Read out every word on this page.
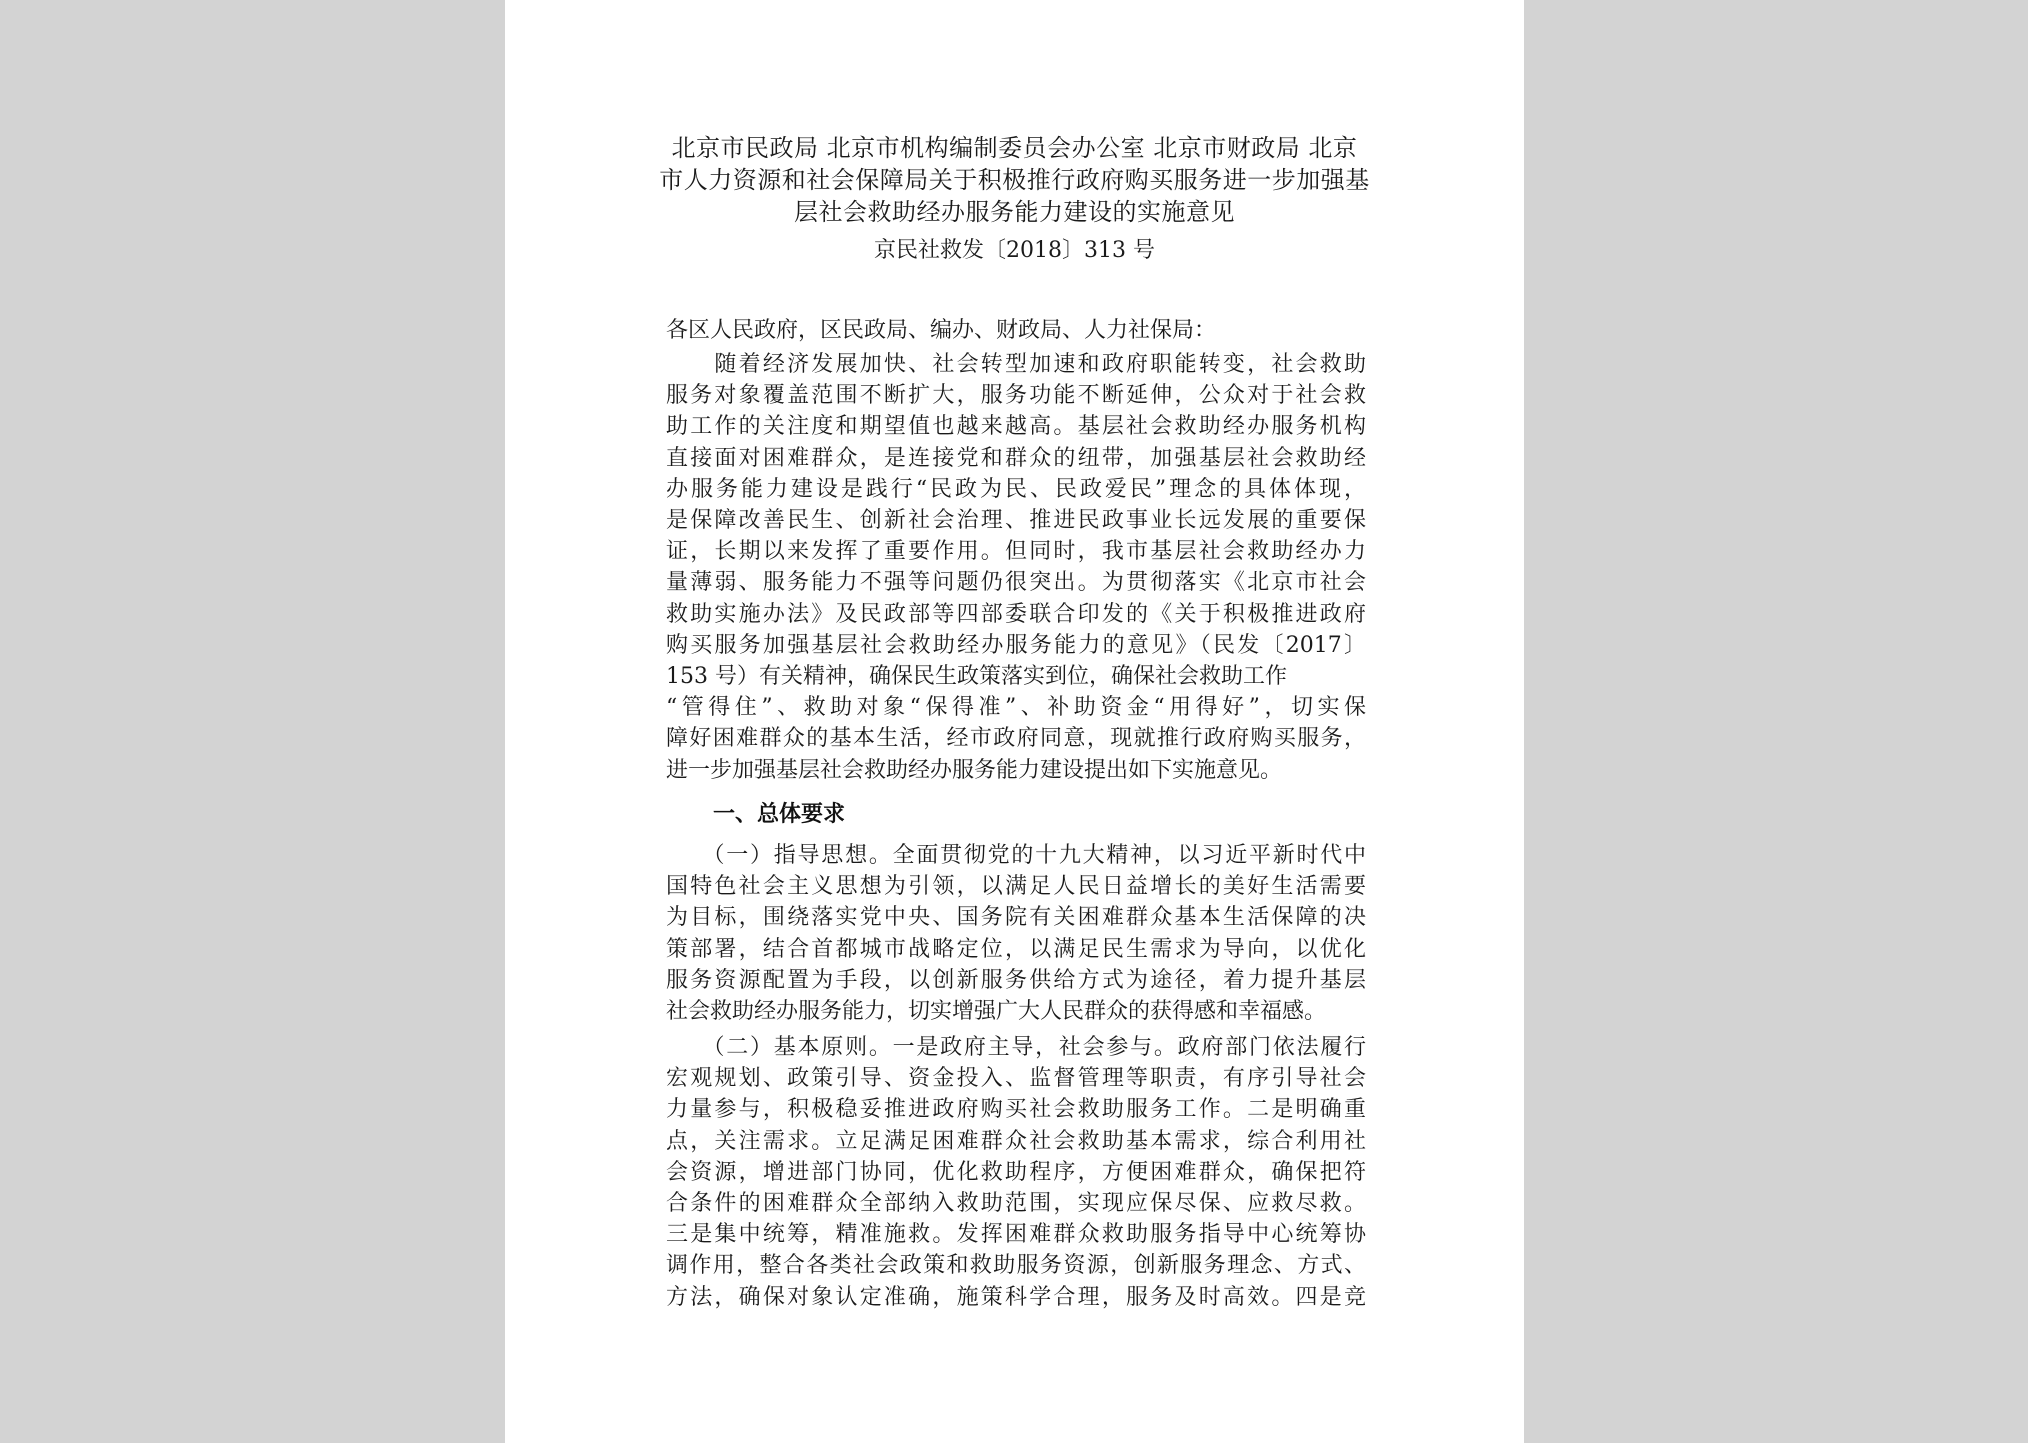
北京市民政局 北京市机构编制委员会办公室 北京市财政局 北京
市人力资源和社会保障局关于积极推行政府购买服务进一步加强基
层社会救助经办服务能力建设的实施意见
京民社救发〔2018〕313 号
各区人民政府，区民政局、编办、财政局、人力社保局：
　　随着经济发展加快、社会转型加速和政府职能转变，社会救助
服务对象覆盖范围不断扩大，服务功能不断延伸，公众对于社会救
助工作的关注度和期望值也越来越高。基层社会救助经办服务机构
直接面对困难群众，是连接党和群众的纽带，加强基层社会救助经
办服务能力建设是践行“民政为民、民政爱民”理念的具体体现，
是保障改善民生、创新社会治理、推进民政事业长远发展的重要保
证，长期以来发挥了重要作用。但同时，我市基层社会救助经办力
量薄弱、服务能力不强等问题仍很突出。为贯彻落实《北京市社会
救助实施办法》及民政部等四部委联合印发的《关于积极推进政府
购买服务加强基层社会救助经办服务能力的意见》（民发〔2017〕
153 号）有关精神，确保民生政策落实到位，确保社会救助工作
“管得住”、救助对象“保得准”、补助资金“用得好”，切实保
障好困难群众的基本生活，经市政府同意，现就推行政府购买服务，
进一步加强基层社会救助经办服务能力建设提出如下实施意见。
一、总体要求
　　（一）指导思想。全面贯彻党的十九大精神，以习近平新时代中
国特色社会主义思想为引领，以满足人民日益增长的美好生活需要
为目标，围绕落实党中央、国务院有关困难群众基本生活保障的决
策部署，结合首都城市战略定位，以满足民生需求为导向，以优化
服务资源配置为手段，以创新服务供给方式为途径，着力提升基层
社会救助经办服务能力，切实增强广大人民群众的获得感和幸福感。
　　（二）基本原则。一是政府主导，社会参与。政府部门依法履行
宏观规划、政策引导、资金投入、监督管理等职责，有序引导社会
力量参与，积极稳妥推进政府购买社会救助服务工作。二是明确重
点，关注需求。立足满足困难群众社会救助基本需求，综合利用社
会资源，增进部门协同，优化救助程序，方便困难群众，确保把符
合条件的困难群众全部纳入救助范围，实现应保尽保、应救尽救。
三是集中统筹，精准施救。发挥困难群众救助服务指导中心统筹协
调作用，整合各类社会政策和救助服务资源，创新服务理念、方式、
方法，确保对象认定准确，施策科学合理，服务及时高效。四是竞
